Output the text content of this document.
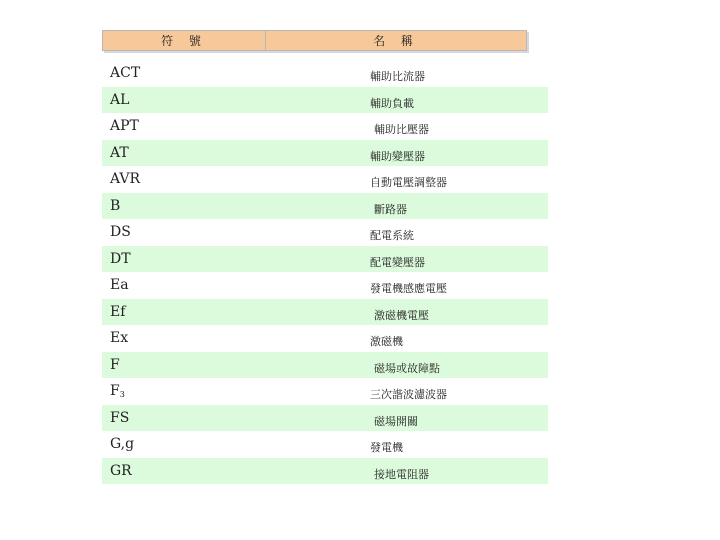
符 號	名 稱
ACT	輔助比流器
AL	輔助負載
APT	輔助比壓器
AT	輔助變壓器
AVR	自動電壓調整器
B	斷路器
DS	配電系統
DT	配電變壓器
Ea	發電機感應電壓
Ef	激磁機電壓
Ex	激磁機
F	磁場或故障點
$F_3$	三次諧波濾波器
FS	磁場開關
G,g	發電機
GR	接地電阻器
